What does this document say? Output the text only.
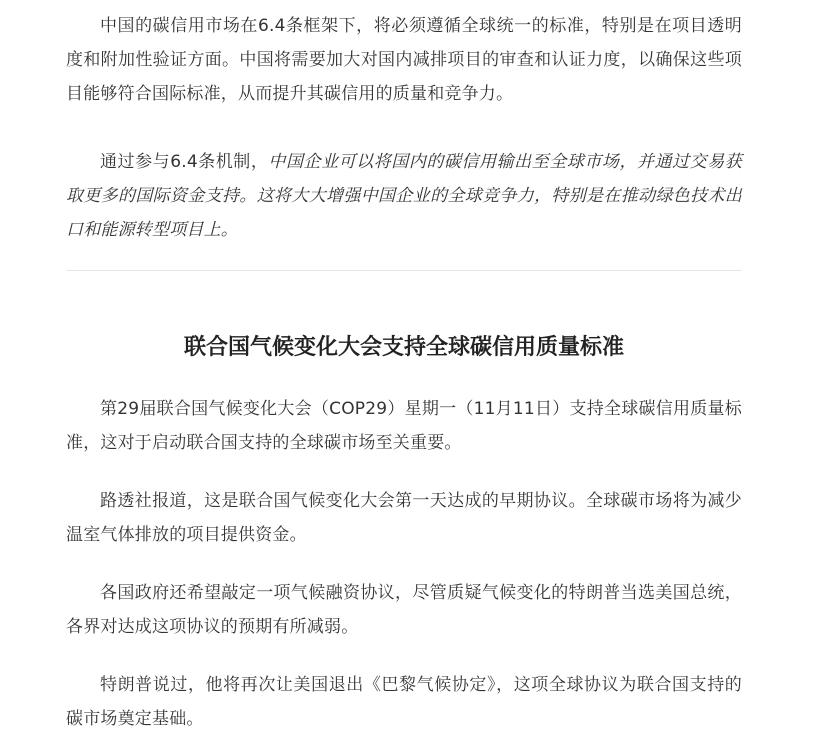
中国的碳信用市场在6.4条框架下，将必须遵循全球统一的标准，特别是在项目透明度和附加性验证方面。中国将需要加大对国内减排项目的审查和认证力度，以确保这些项目能够符合国际标准，从而提升其碳信用的质量和竞争力。

通过参与6.4条机制，中国企业可以将国内的碳信用输出至全球市场，并通过交易获取更多的国际资金支持。这将大大增强中国企业的全球竞争力，特别是在推动绿色技术出口和能源转型项目上。

联合国气候变化大会支持全球碳信用质量标准

第29届联合国气候变化大会（COP29）星期一（11月11日）支持全球碳信用质量标准，这对于启动联合国支持的全球碳市场至关重要。

路透社报道，这是联合国气候变化大会第一天达成的早期协议。全球碳市场将为减少温室气体排放的项目提供资金。

各国政府还希望敲定一项气候融资协议，尽管质疑气候变化的特朗普当选美国总统，各界对达成这项协议的预期有所减弱。

特朗普说过，他将再次让美国退出《巴黎气候协定》，这项全球协议为联合国支持的碳市场奠定基础。
